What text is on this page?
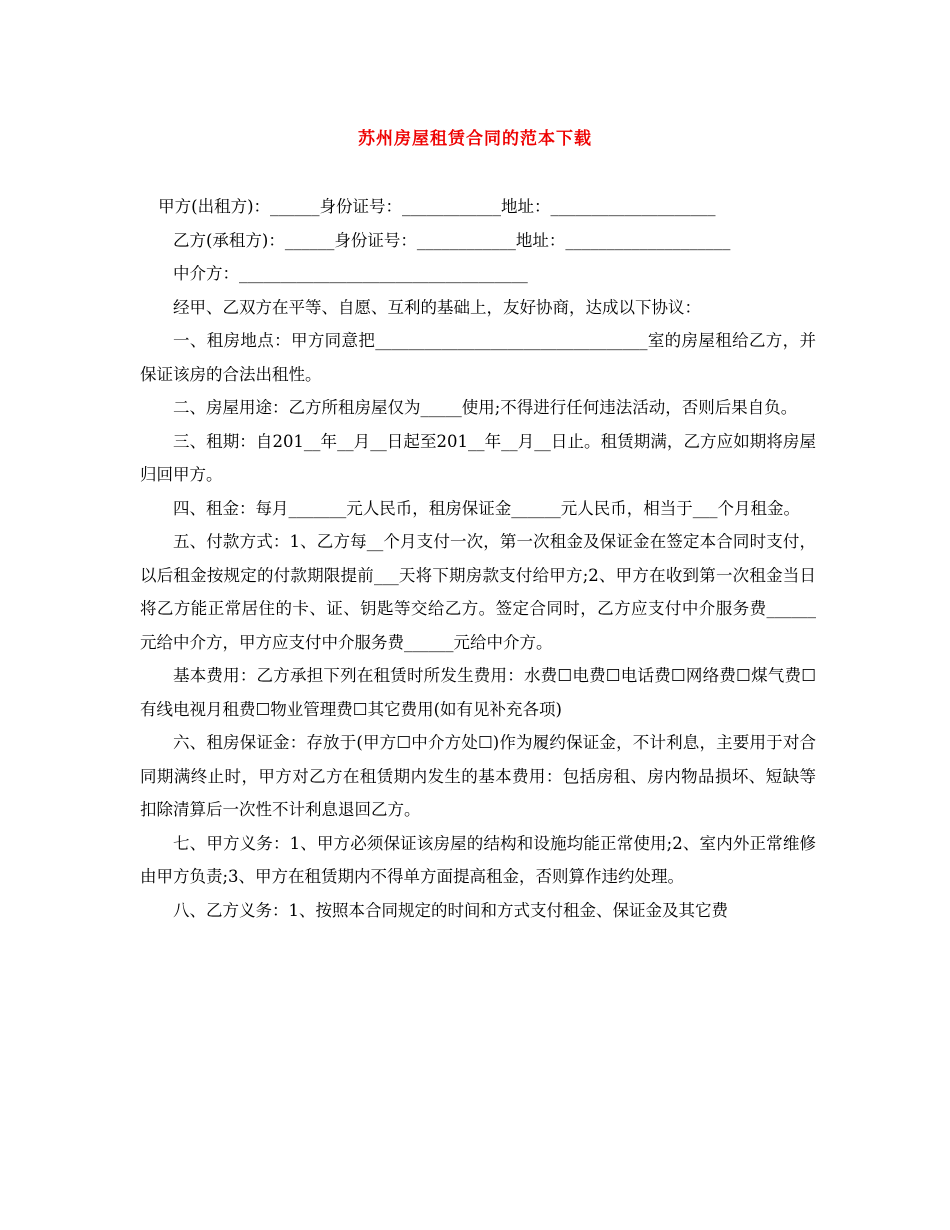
苏州房屋租赁合同的范本下载

甲方(出租方)：______身份证号：____________地址：____________________

乙方(承租方)：______身份证号：____________地址：____________________

中介方：___________________________________

经甲、乙双方在平等、自愿、互利的基础上，友好协商，达成以下协议：

一、租房地点：甲方同意把_________________________________室的房屋租给乙方，并保证该房的合法出租性。

二、房屋用途：乙方所租房屋仅为_____使用;不得进行任何违法活动，否则后果自负。

三、租期：自201__年__月__日起至201__年__月__日止。租赁期满，乙方应如期将房屋归回甲方。

四、租金：每月_______元人民币，租房保证金______元人民币，相当于___个月租金。

五、付款方式：1、乙方每__个月支付一次，第一次租金及保证金在签定本合同时支付，以后租金按规定的付款期限提前___天将下期房款支付给甲方;2、甲方在收到第一次租金当日将乙方能正常居住的卡、证、钥匙等交给乙方。签定合同时，乙方应支付中介服务费______元给中介方，甲方应支付中介服务费______元给中介方。

基本费用：乙方承担下列在租赁时所发生费用：水费☐电费☐电话费☐网络费☐煤气费☐有线电视月租费☐物业管理费☐其它费用(如有见补充各项)

六、租房保证金：存放于(甲方☐中介方处☐)作为履约保证金，不计利息，主要用于对合同期满终止时，甲方对乙方在租赁期内发生的基本费用：包括房租、房内物品损坏、短缺等扣除清算后一次性不计利息退回乙方。

七、甲方义务：1、甲方必须保证该房屋的结构和设施均能正常使用;2、室内外正常维修由甲方负责;3、甲方在租赁期内不得单方面提高租金，否则算作违约处理。

八、乙方义务：1、按照本合同规定的时间和方式支付租金、保证金及其它费
